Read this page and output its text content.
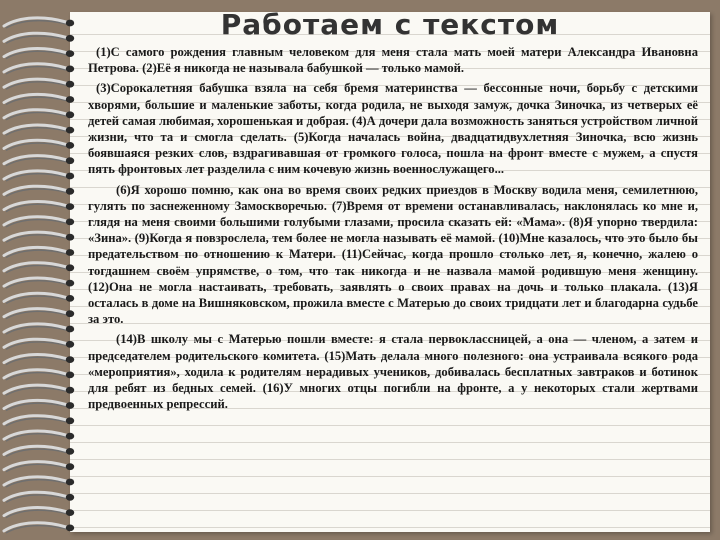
Работаем с текстом

(1)С самого рождения главным человеком для меня стала мать моей матери Александра Ивановна Петрова. (2)Её я никогда не называла бабушкой — только мамой.

(3)Сорокалетняя бабушка взяла на себя бремя материнства — бессонные ночи, борьбу с детскими хворями, большие и маленькие заботы, когда родила, не выходя замуж, дочка Зиночка, из четверых её детей самая любимая, хорошенькая и добрая. (4)А дочери дала возможность заняться устройством личной жизни, что та и смогла сделать. (5)Когда началась война, двадцатидвухлетняя Зиночка, всю жизнь боявшаяся резких слов, вздрагивавшая от громкого голоса, пошла на фронт вместе с мужем, а спустя пять фронтовых лет разделила с ним кочевую жизнь военнослужащего...

(6)Я хорошо помню, как она во время своих редких приездов в Москву водила меня, семилетнюю, гулять по заснеженному Замоскворечью. (7)Время от времени останавливалась, наклонялась ко мне и, глядя на меня своими большими голубыми глазами, просила сказать ей: «Мама». (8)Я упорно твердила: «Зина». (9)Когда я повзрослела, тем более не могла называть её мамой. (10)Мне казалось, что это было бы предательством по отношению к Матери. (11)Сейчас, когда прошло столько лет, я, конечно, жалею о тогдашнем своём упрямстве, о том, что так никогда и не назвала мамой родившую меня женщину. (12)Она не могла настаивать, требовать, заявлять о своих правах на дочь и только плакала. (13)Я осталась в доме на Вишняковском, прожила вместе с Матерью до своих тридцати лет и благодарна судьбе за это.

(14)В школу мы с Матерью пошли вместе: я стала первоклассницей, а она — членом, а затем и председателем родительского комитета. (15)Мать делала много полезного: она устраивала всякого рода «мероприятия», ходила к родителям нерадивых учеников, добивалась бесплатных завтраков и ботинок для ребят из бедных семей. (16)У многих отцы погибли на фронте, а у некоторых стали жертвами предвоенных репрессий.
